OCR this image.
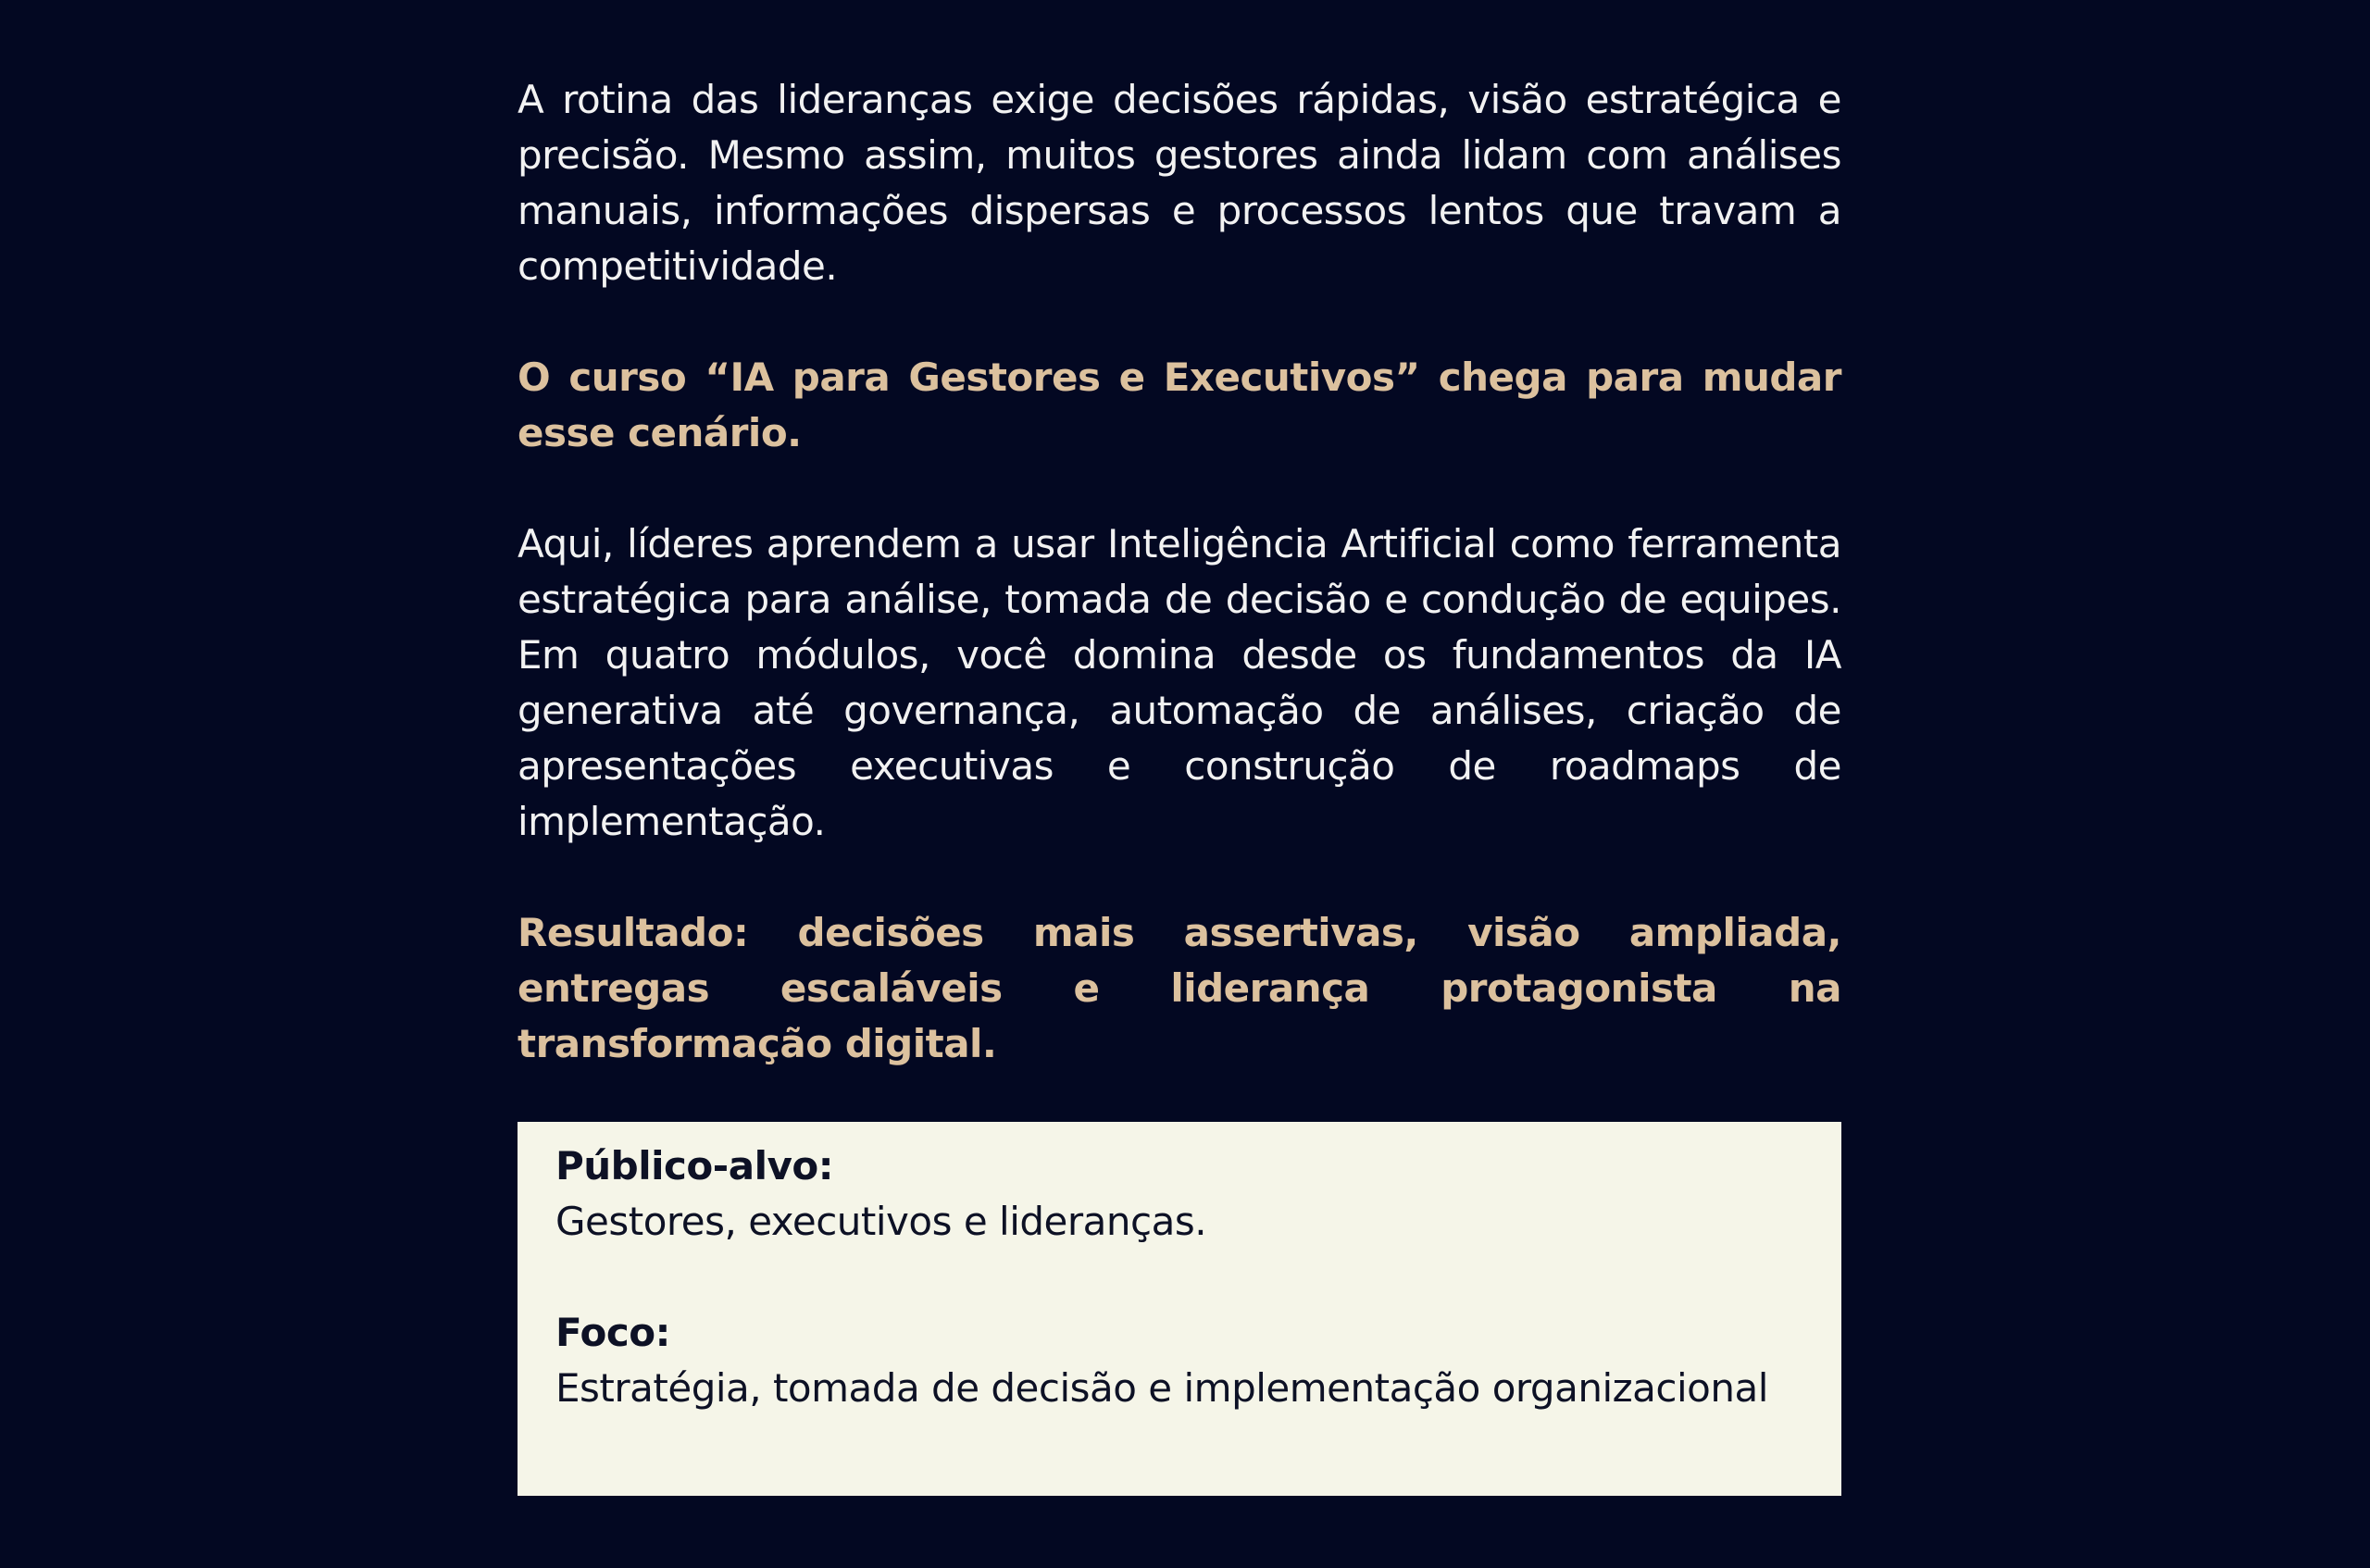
A rotina das lideranças exige decisões rápidas, visão estratégica e precisão. Mesmo assim, muitos gestores ainda lidam com análises manuais, informações dispersas e processos lentos que travam a competitividade.

O curso “IA para Gestores e Executivos” chega para mudar esse cenário.

Aqui, líderes aprendem a usar Inteligência Artificial como ferramenta estratégica para análise, tomada de decisão e condução de equipes. Em quatro módulos, você domina desde os fundamentos da IA generativa até governança, automação de análises, criação de apresentações executivas e construção de roadmaps de implementação.

Resultado: decisões mais assertivas, visão ampliada, entregas escaláveis e liderança protagonista na transformação digital.

Público-alvo:

Gestores, executivos e lideranças.

Foco:

Estratégia, tomada de decisão e implementação organizacional
